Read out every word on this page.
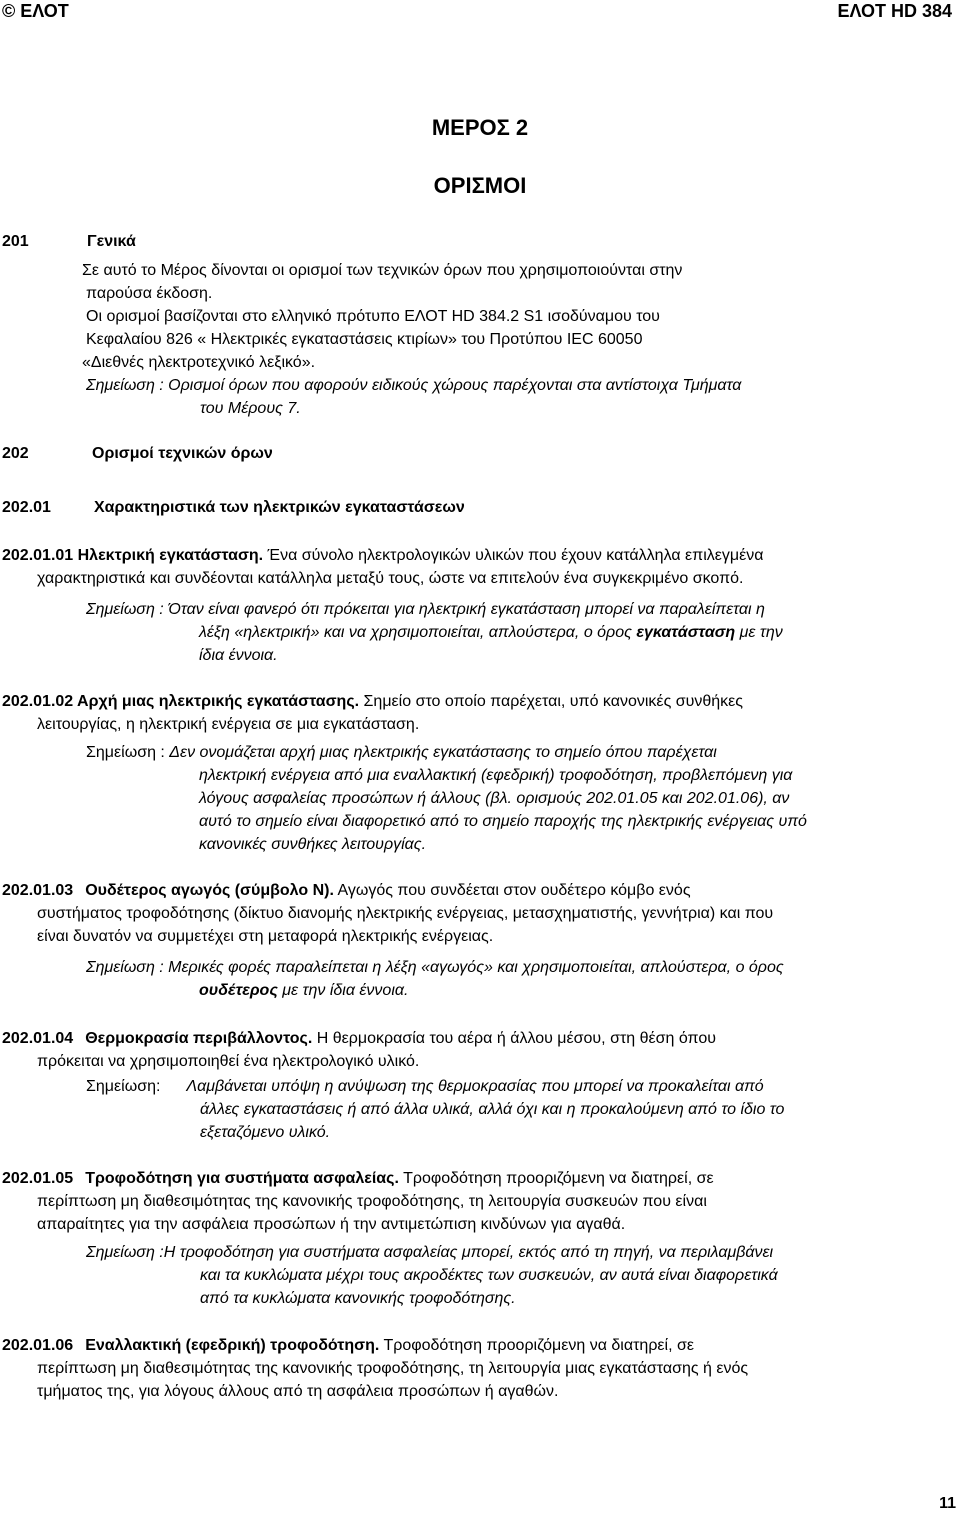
© ΕΛΟΤ	ΕΛΟΤ HD 384
ΜΕΡΟΣ 2
ΟΡΙΣΜΟΙ
201	Γενικά
Σε αυτό το Μέρος δίνονται οι ορισμοί των τεχνικών όρων που χρησιμοποιούνται στην
παρούσα έκδοση.
Οι ορισμοί βασίζονται στο ελληνικό πρότυπο ΕΛΟΤ HD 384.2 S1 ισοδύναμου του
Κεφαλαίου 826 « Ηλεκτρικές εγκαταστάσεις κτιρίων» του Προτύπου IEC 60050
«Διεθνές ηλεκτροτεχνικό λεξικό».
Σημείωση : Ορισμοί όρων που αφορούν ειδικούς χώρους παρέχονται στα αντίστοιχα Τμήματα
του Μέρους 7.
202	Ορισμοί τεχνικών όρων
202.01	Χαρακτηριστικά των ηλεκτρικών εγκαταστάσεων
202.01.01 Ηλεκτρική εγκατάσταση. Ένα σύνολο ηλεκτρολογικών υλικών που έχουν κατάλληλα επιλεγμένα
χαρακτηριστικά και συνδέονται κατάλληλα μεταξύ τους, ώστε να επιτελούν ένα συγκεκριμένο σκοπό.
Σημείωση : Όταν είναι φανερό ότι πρόκειται για ηλεκτρική εγκατάσταση μπορεί να παραλείπεται η
λέξη «ηλεκτρική» και να χρησιμοποιείται, απλούστερα, ο όρος εγκατάσταση με την
ίδια έννοια.
202.01.02 Αρχή μιας ηλεκτρικής εγκατάστασης. Σημείο στο οποίο παρέχεται, υπό κανονικές συνθήκες
λειτουργίας, η ηλεκτρική ενέργεια σε μια εγκατάσταση.
Σημείωση : Δεν ονομάζεται αρχή μιας ηλεκτρικής εγκατάστασης το σημείο όπου παρέχεται
ηλεκτρική ενέργεια από μια εναλλακτική (εφεδρική) τροφοδότηση, προβλεπόμενη για
λόγους ασφαλείας προσώπων ή άλλους (βλ. ορισμούς 202.01.05 και 202.01.06), αν
αυτό το σημείο είναι διαφορετικό από το σημείο παροχής της ηλεκτρικής ενέργειας υπό
κανονικές συνθήκες λειτουργίας.
202.01.03 Ουδέτερος αγωγός (σύμβολο Ν). Αγωγός που συνδέεται στον ουδέτερο κόμβο ενός
συστήματος τροφοδότησης (δίκτυο διανομής ηλεκτρικής ενέργειας, μετασχηματιστής, γεννήτρια) και που
είναι δυνατόν να συμμετέχει στη μεταφορά ηλεκτρικής ενέργειας.
Σημείωση : Μερικές φορές παραλείπεται η λέξη «αγωγός» και χρησιμοποιείται, απλούστερα, ο όρος
ουδέτερος με την ίδια έννοια.
202.01.04 Θερμοκρασία περιβάλλοντος. Η θερμοκρασία του αέρα ή άλλου μέσου, στη θέση όπου
πρόκειται να χρησιμοποιηθεί ένα ηλεκτρολογικό υλικό.
Σημείωση: Λαμβάνεται υπόψη η ανύψωση της θερμοκρασίας που μπορεί να προκαλείται από
άλλες εγκαταστάσεις ή από άλλα υλικά, αλλά όχι και η προκαλούμενη από το ίδιο το
εξεταζόμενο υλικό.
202.01.05 Τροφοδότηση για συστήματα ασφαλείας. Τροφοδότηση προοριζόμενη να διατηρεί, σε
περίπτωση μη διαθεσιμότητας της κανονικής τροφοδότησης, τη λειτουργία συσκευών που είναι
απαραίτητες για την ασφάλεια προσώπων ή την αντιμετώπιση κινδύνων για αγαθά.
Σημείωση :Η τροφοδότηση για συστήματα ασφαλείας μπορεί, εκτός από τη πηγή, να περιλαμβάνει
και τα κυκλώματα μέχρι τους ακροδέκτες των συσκευών, αν αυτά είναι διαφορετικά
από τα κυκλώματα κανονικής τροφοδότησης.
202.01.06 Εναλλακτική (εφεδρική) τροφοδότηση. Τροφοδότηση προοριζόμενη να διατηρεί, σε
περίπτωση μη διαθεσιμότητας της κανονικής τροφοδότησης, τη λειτουργία μιας εγκατάστασης ή ενός
τμήματος της, για λόγους άλλους από τη ασφάλεια προσώπων ή αγαθών.
11
